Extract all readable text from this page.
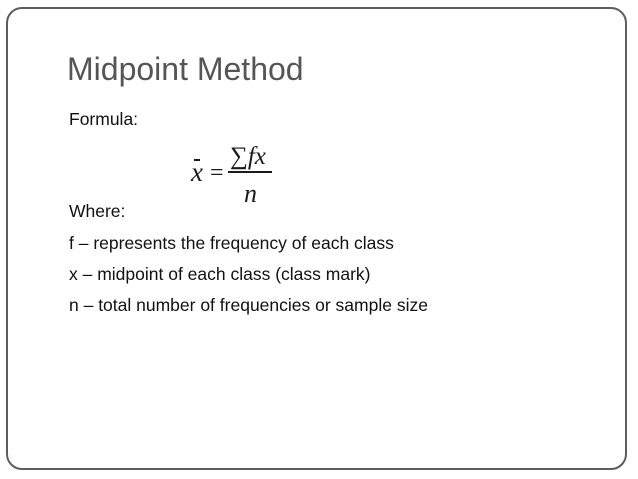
Midpoint Method
Formula:
x =
∑fx
n
Where:
f – represents the frequency of each class
x – midpoint of each class (class mark)
n – total number of frequencies or sample size
